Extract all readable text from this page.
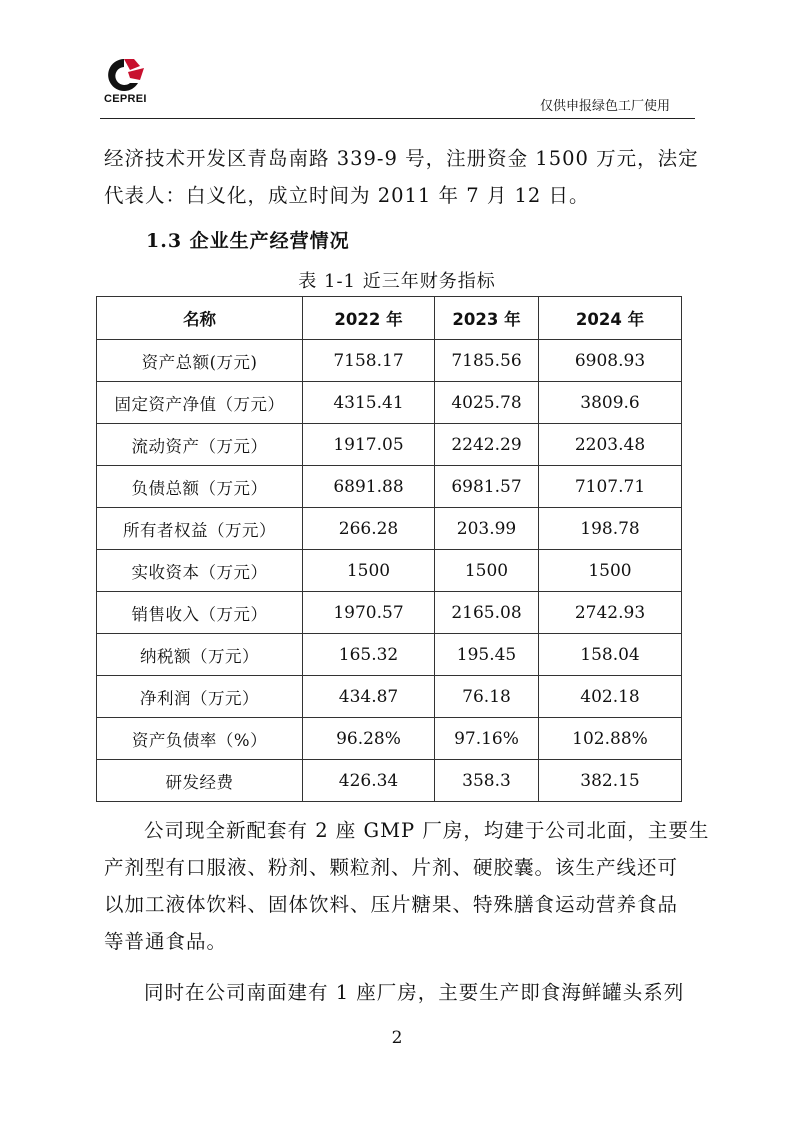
CEPREI	仅供申报绿色工厂使用
经济技术开发区青岛南路 339-9 号，注册资金 1500 万元，法定
代表人：白义化，成立时间为 2011 年 7 月 12 日。
1.3 企业生产经营情况
表 1-1 近三年财务指标
名称	2022 年	2023 年	2024 年
资产总额(万元)	7158.17	7185.56	6908.93
固定资产净值（万元）	4315.41	4025.78	3809.6
流动资产（万元）	1917.05	2242.29	2203.48
负债总额（万元）	6891.88	6981.57	7107.71
所有者权益（万元）	266.28	203.99	198.78
实收资本（万元）	1500	1500	1500
销售收入（万元）	1970.57	2165.08	2742.93
纳税额（万元）	165.32	195.45	158.04
净利润（万元）	434.87	76.18	402.18
资产负债率（%）	96.28%	97.16%	102.88%
研发经费	426.34	358.3	382.15
公司现全新配套有 2 座 GMP 厂房，均建于公司北面，主要生
产剂型有口服液、粉剂、颗粒剂、片剂、硬胶囊。该生产线还可
以加工液体饮料、固体饮料、压片糖果、特殊膳食运动营养食品
等普通食品。
同时在公司南面建有 1 座厂房，主要生产即食海鲜罐头系列
2
